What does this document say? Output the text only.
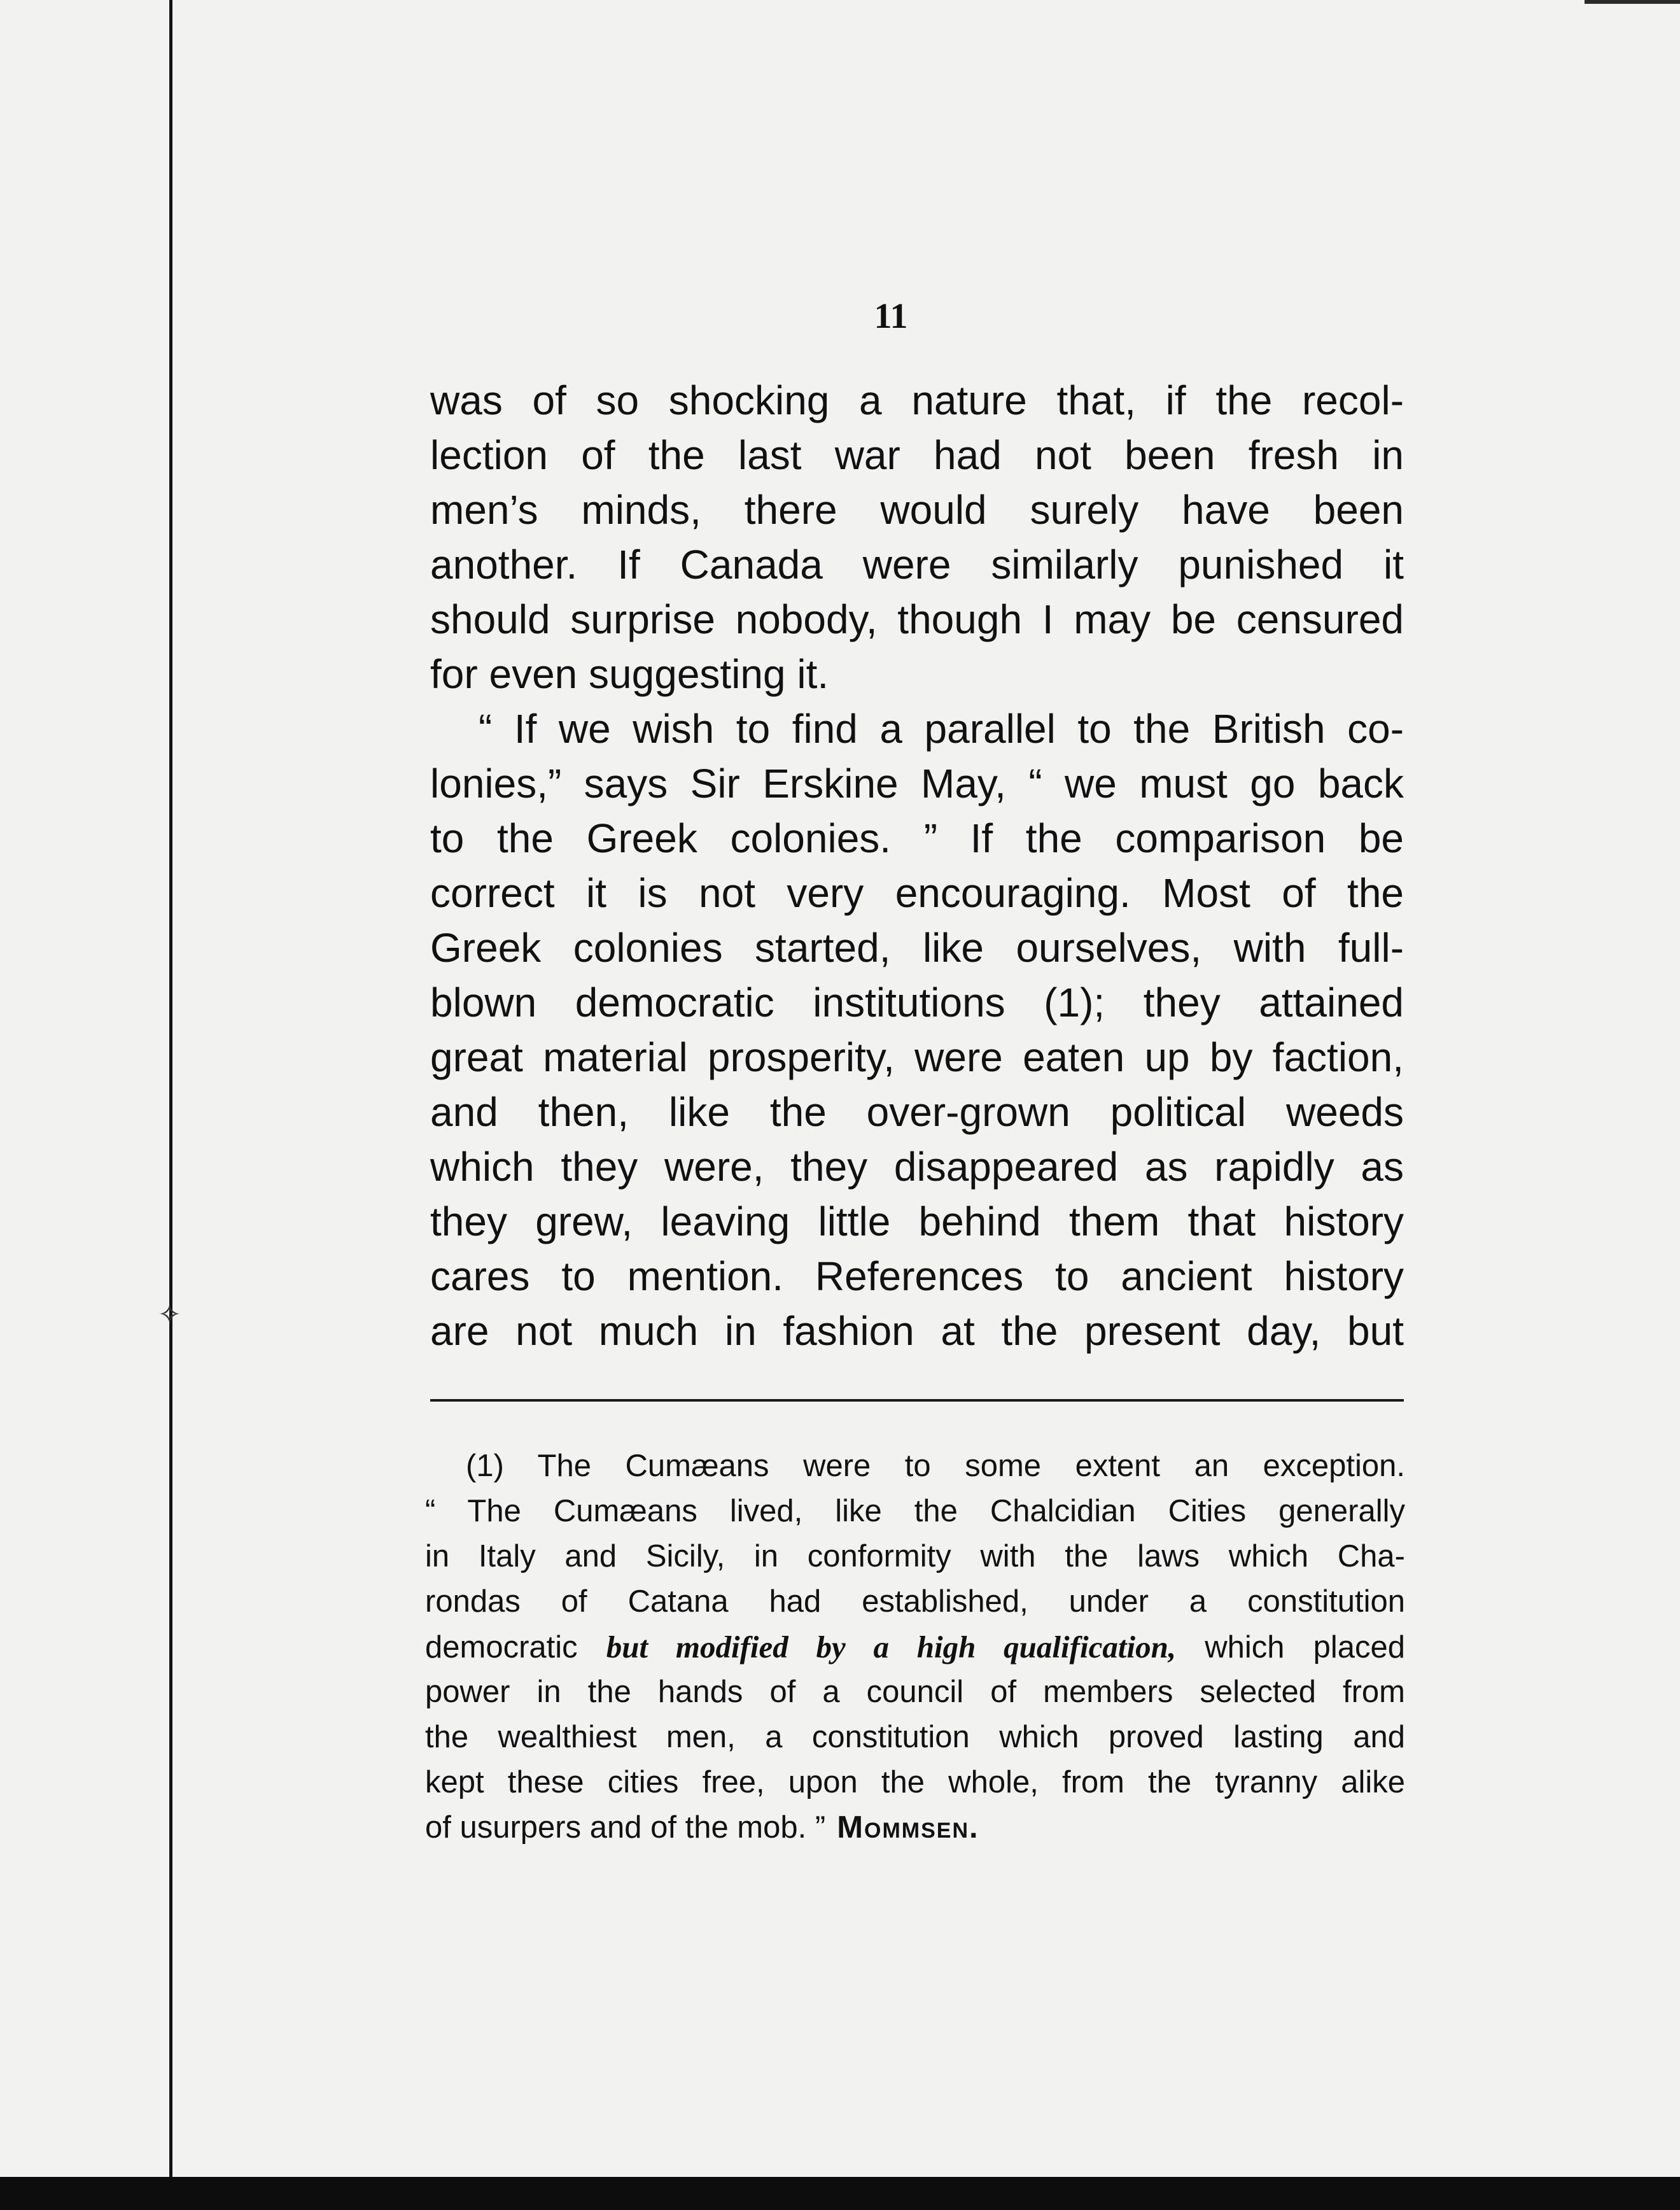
✧
11
was of so shocking a nature that, if the recol-
lection of the last war had not been fresh in
men’s minds, there would surely have been
another. If Canada were similarly punished it
should surprise nobody, though I may be censured
for even suggesting it.
“ If we wish to find a parallel to the British co-
lonies,” says Sir Erskine May, “ we must go back
to the Greek colonies. ” If the comparison be
correct it is not very encouraging. Most of the
Greek colonies started, like ourselves, with full-
blown democratic institutions (1); they attained
great material prosperity, were eaten up by faction,
and then, like the over-grown political weeds
which they were, they disappeared as rapidly as
they grew, leaving little behind them that history
cares to mention. References to ancient history
are not much in fashion at the present day, but
(1) The Cumæans were to some extent an exception.
“ The Cumæans lived, like the Chalcidian Cities generally
in Italy and Sicily, in conformity with the laws which Cha-
rondas of Catana had established, under a constitution
democratic but modified by a high qualification, which placed
power in the hands of a council of members selected from
the wealthiest men, a constitution which proved lasting and
kept these cities free, upon the whole, from the tyranny alike
of usurpers and of the mob. ” Mommsen.
